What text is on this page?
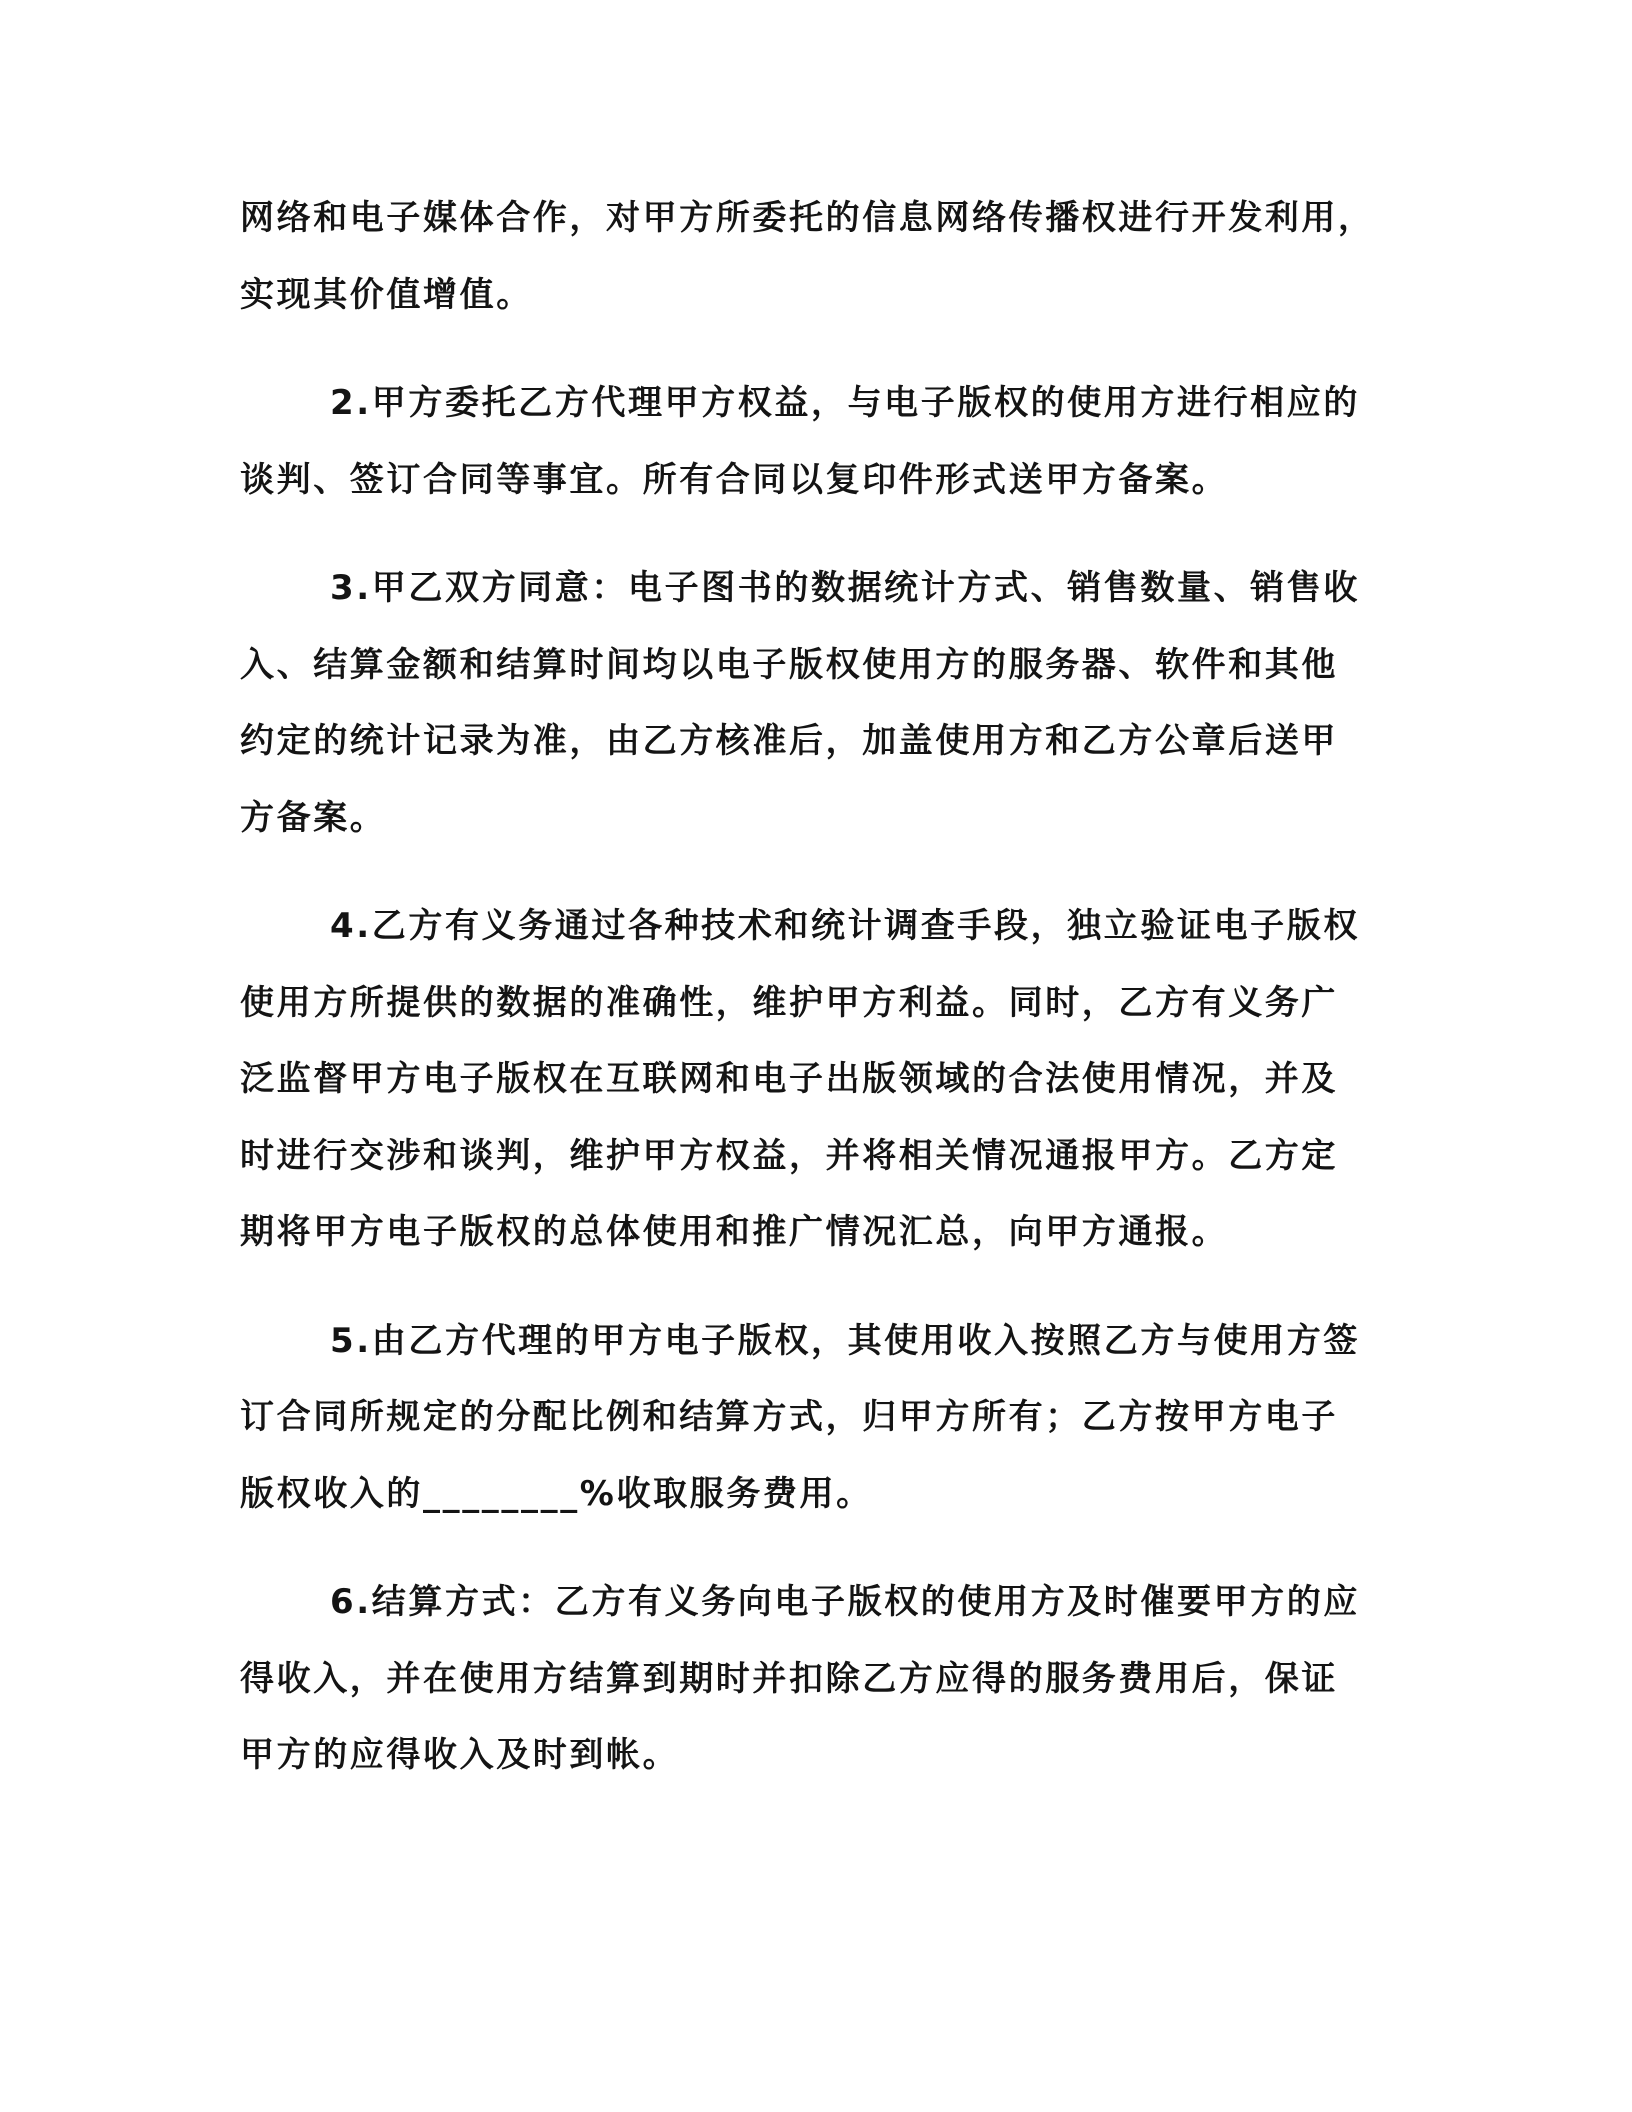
网络和电子媒体合作，对甲方所委托的信息网络传播权进行开发利用，
实现其价值增值。

2.甲方委托乙方代理甲方权益，与电子版权的使用方进行相应的
谈判、签订合同等事宜。所有合同以复印件形式送甲方备案。

3.甲乙双方同意：电子图书的数据统计方式、销售数量、销售收
入、结算金额和结算时间均以电子版权使用方的服务器、软件和其他
约定的统计记录为准，由乙方核准后，加盖使用方和乙方公章后送甲
方备案。

4.乙方有义务通过各种技术和统计调查手段，独立验证电子版权
使用方所提供的数据的准确性，维护甲方利益。同时，乙方有义务广
泛监督甲方电子版权在互联网和电子出版领域的合法使用情况，并及
时进行交涉和谈判，维护甲方权益，并将相关情况通报甲方。乙方定
期将甲方电子版权的总体使用和推广情况汇总，向甲方通报。

5.由乙方代理的甲方电子版权，其使用收入按照乙方与使用方签
订合同所规定的分配比例和结算方式，归甲方所有；乙方按甲方电子
版权收入的________%收取服务费用。

6.结算方式：乙方有义务向电子版权的使用方及时催要甲方的应
得收入，并在使用方结算到期时并扣除乙方应得的服务费用后，保证
甲方的应得收入及时到帐。
